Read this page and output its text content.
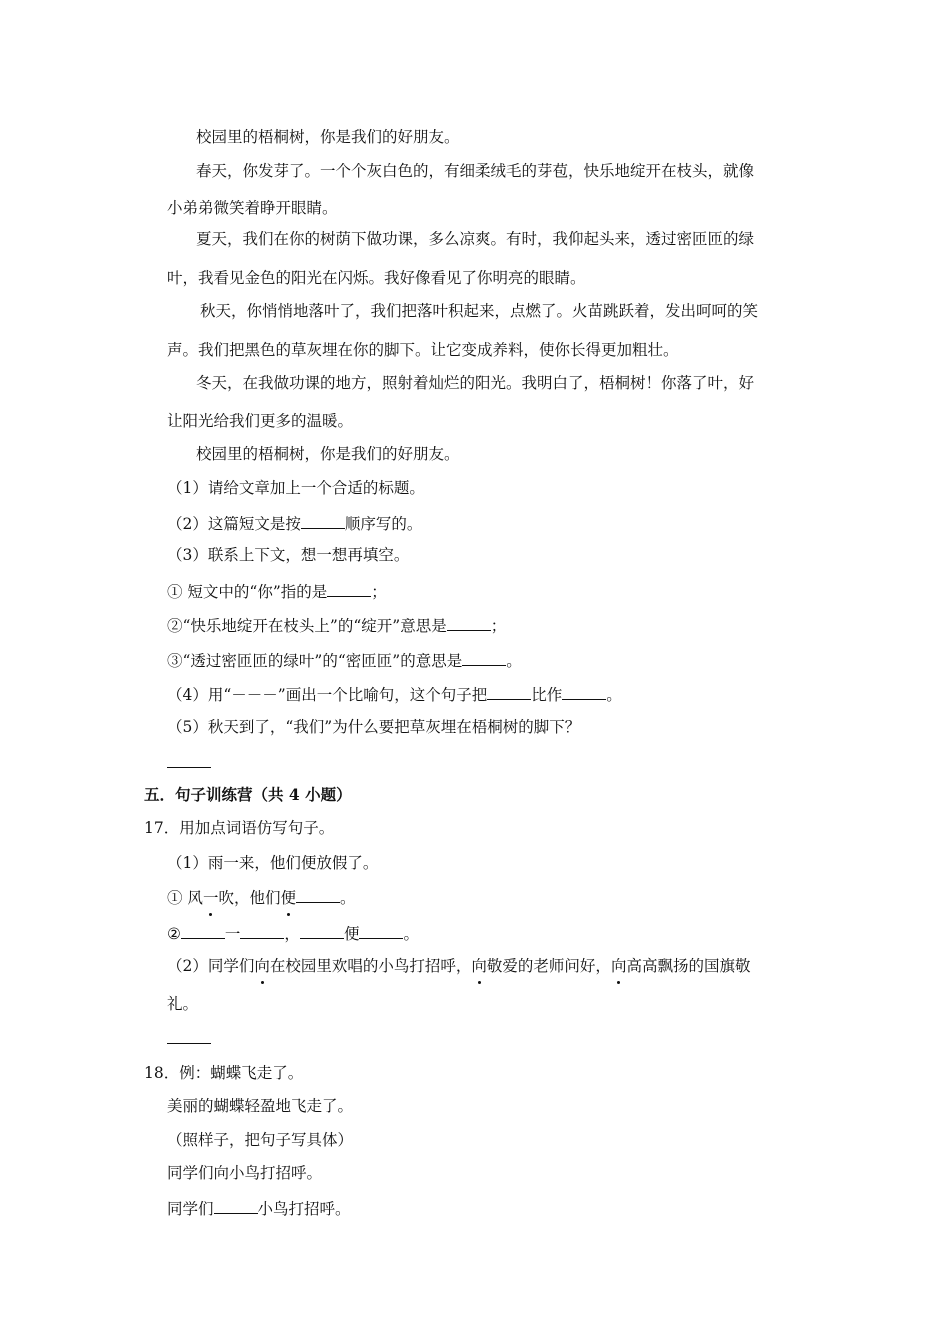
校园里的梧桐树，你是我们的好朋友。
春天，你发芽了。一个个灰白色的，有细柔绒毛的芽苞，快乐地绽开在枝头，就像
小弟弟微笑着睁开眼睛。
夏天，我们在你的树荫下做功课，多么凉爽。有时，我仰起头来，透过密匝匝的绿
叶，我看见金色的阳光在闪烁。我好像看见了你明亮的眼睛。
秋天，你悄悄地落叶了，我们把落叶积起来，点燃了。火苗跳跃着，发出呵呵的笑
声。我们把黑色的草灰埋在你的脚下。让它变成养料，使你长得更加粗壮。
冬天，在我做功课的地方，照射着灿烂的阳光。我明白了，梧桐树！你落了叶，好
让阳光给我们更多的温暖。
校园里的梧桐树，你是我们的好朋友。
（1）请给文章加上一个合适的标题。
（2）这篇短文是按	顺序写的。
（3）联系上下文，想一想再填空。
① 短文中的“你”指的是	；
②“快乐地绽开在枝头上”的“绽开”意思是	；
③“透过密匝匝的绿叶”的“密匝匝”的意思是	。
（4）用“－－－”画出一个比喻句，这个句子把	比作	。
（5）秋天到了，“我们”为什么要把草灰埋在梧桐树的脚下？
五．句子训练营（共 4 小题）
17．用加点词语仿写句子。
（1）雨一来，他们便放假了。
① 风一吹，他们便	。
②	一	，	便	。
（2）同学们向在校园里欢唱的小鸟打招呼，向敬爱的老师问好，向高高飘扬的国旗敬
礼。
18．例：蝴蝶飞走了。
美丽的蝴蝶轻盈地飞走了。
（照样子，把句子写具体）
同学们向小鸟打招呼。
同学们	小鸟打招呼。
